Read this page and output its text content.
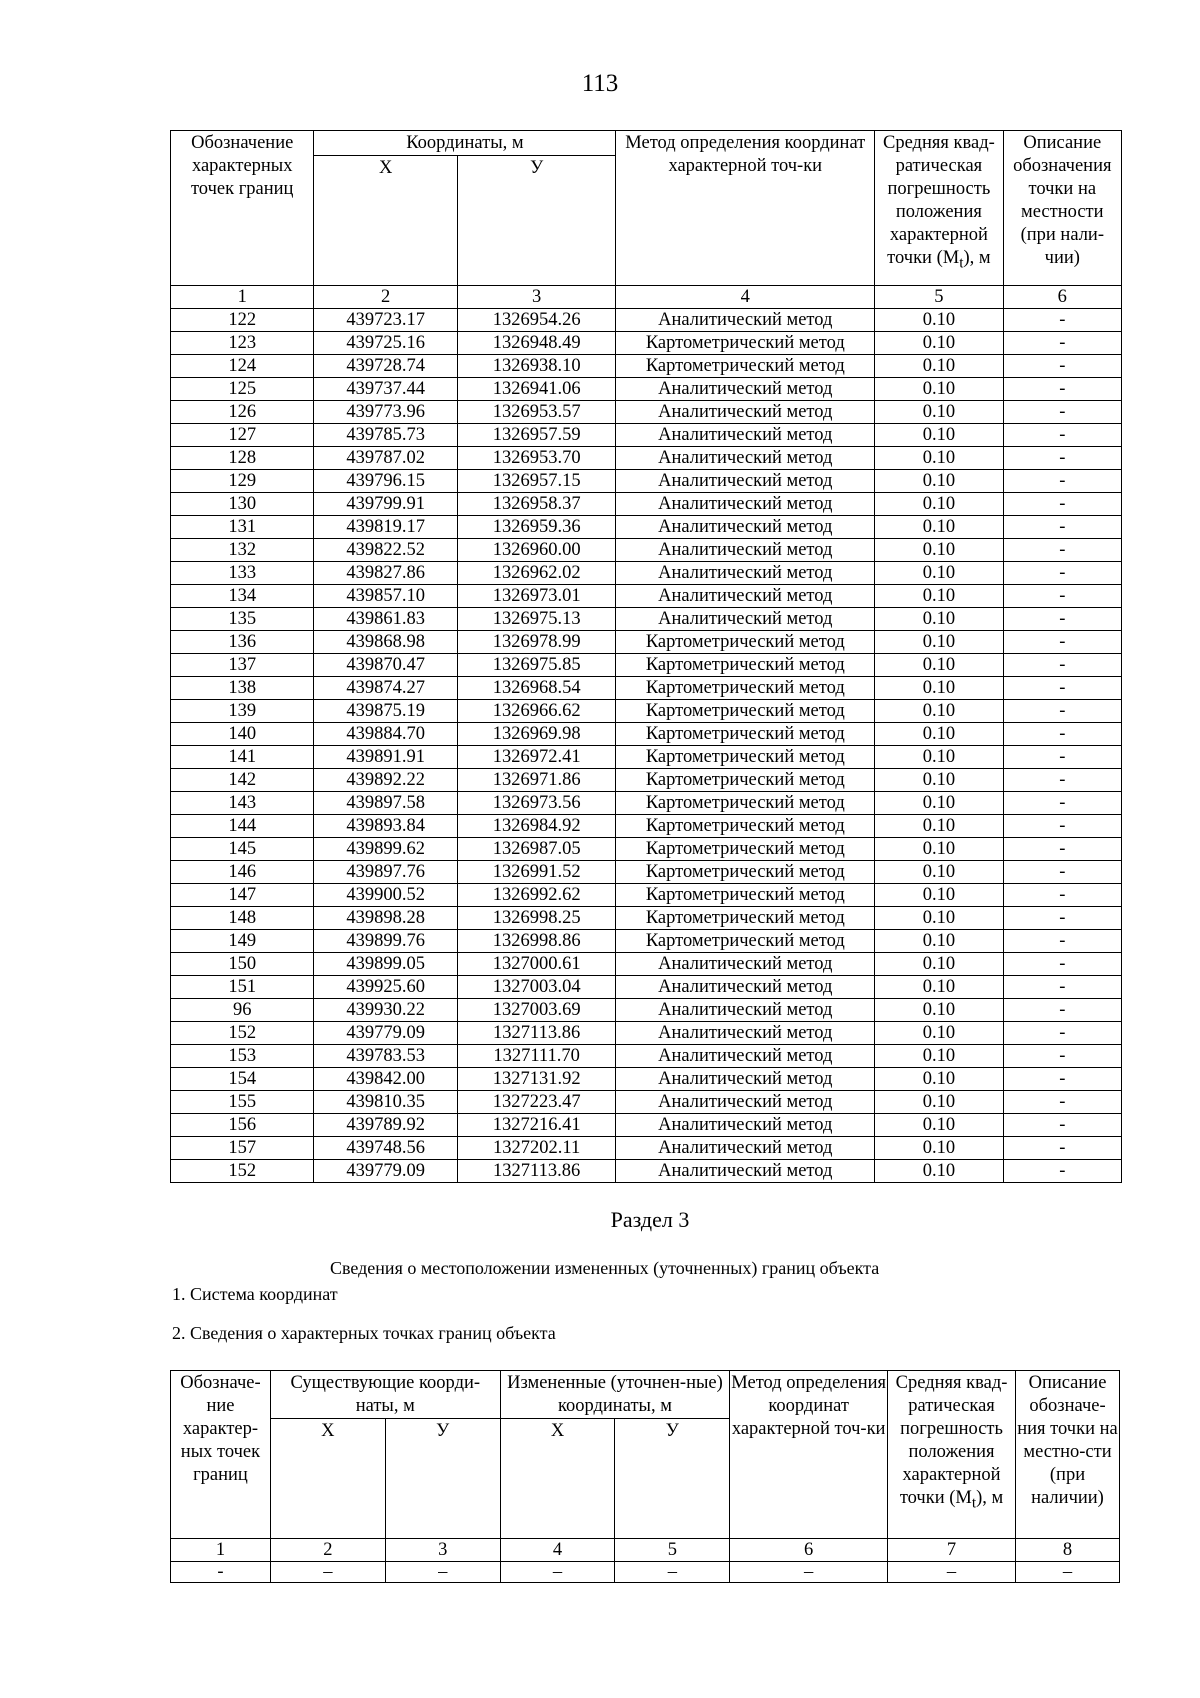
113
Обозначение характерных точек границ	Координаты, м		Метод определения координат характерной точ-ки	Средняя квад-ратическая погрешность положения характерной точки $(M_t)$, м	Описание обозначения точки на местности (при нали-чии)
	Х	У			
1	2	3	4	5	6
122	439723.17	1326954.26	Аналитический метод	0.10	-
123	439725.16	1326948.49	Картометрический метод	0.10	-
124	439728.74	1326938.10	Картометрический метод	0.10	-
125	439737.44	1326941.06	Аналитический метод	0.10	-
126	439773.96	1326953.57	Аналитический метод	0.10	-
127	439785.73	1326957.59	Аналитический метод	0.10	-
128	439787.02	1326953.70	Аналитический метод	0.10	-
129	439796.15	1326957.15	Аналитический метод	0.10	-
130	439799.91	1326958.37	Аналитический метод	0.10	-
131	439819.17	1326959.36	Аналитический метод	0.10	-
132	439822.52	1326960.00	Аналитический метод	0.10	-
133	439827.86	1326962.02	Аналитический метод	0.10	-
134	439857.10	1326973.01	Аналитический метод	0.10	-
135	439861.83	1326975.13	Аналитический метод	0.10	-
136	439868.98	1326978.99	Картометрический метод	0.10	-
137	439870.47	1326975.85	Картометрический метод	0.10	-
138	439874.27	1326968.54	Картометрический метод	0.10	-
139	439875.19	1326966.62	Картометрический метод	0.10	-
140	439884.70	1326969.98	Картометрический метод	0.10	-
141	439891.91	1326972.41	Картометрический метод	0.10	-
142	439892.22	1326971.86	Картометрический метод	0.10	-
143	439897.58	1326973.56	Картометрический метод	0.10	-
144	439893.84	1326984.92	Картометрический метод	0.10	-
145	439899.62	1326987.05	Картометрический метод	0.10	-
146	439897.76	1326991.52	Картометрический метод	0.10	-
147	439900.52	1326992.62	Картометрический метод	0.10	-
148	439898.28	1326998.25	Картометрический метод	0.10	-
149	439899.76	1326998.86	Картометрический метод	0.10	-
150	439899.05	1327000.61	Аналитический метод	0.10	-
151	439925.60	1327003.04	Аналитический метод	0.10	-
96	439930.22	1327003.69	Аналитический метод	0.10	-
152	439779.09	1327113.86	Аналитический метод	0.10	-
153	439783.53	1327111.70	Аналитический метод	0.10	-
154	439842.00	1327131.92	Аналитический метод	0.10	-
155	439810.35	1327223.47	Аналитический метод	0.10	-
156	439789.92	1327216.41	Аналитический метод	0.10	-
157	439748.56	1327202.11	Аналитический метод	0.10	-
152	439779.09	1327113.86	Аналитический метод	0.10	-
Раздел 3
Сведения о местоположении измененных (уточненных) границ объекта
1. Система координат
2. Сведения о характерных точках границ объекта
Обозначе-ние характер-ных точек границ	Существующие коорди-наты, м		Измененные (уточнен-ные) координаты, м		Метод определения координат характерной точ-ки	Средняя квад-ратическая погрешность положения характерной точки $(M_t)$, м	Описание обозначе-ния точки на местно-сти (при наличии)
	Х	У	Х	У			
1	2	3	4	5	6	7	8
-	–	–	–	–	–	–	–
